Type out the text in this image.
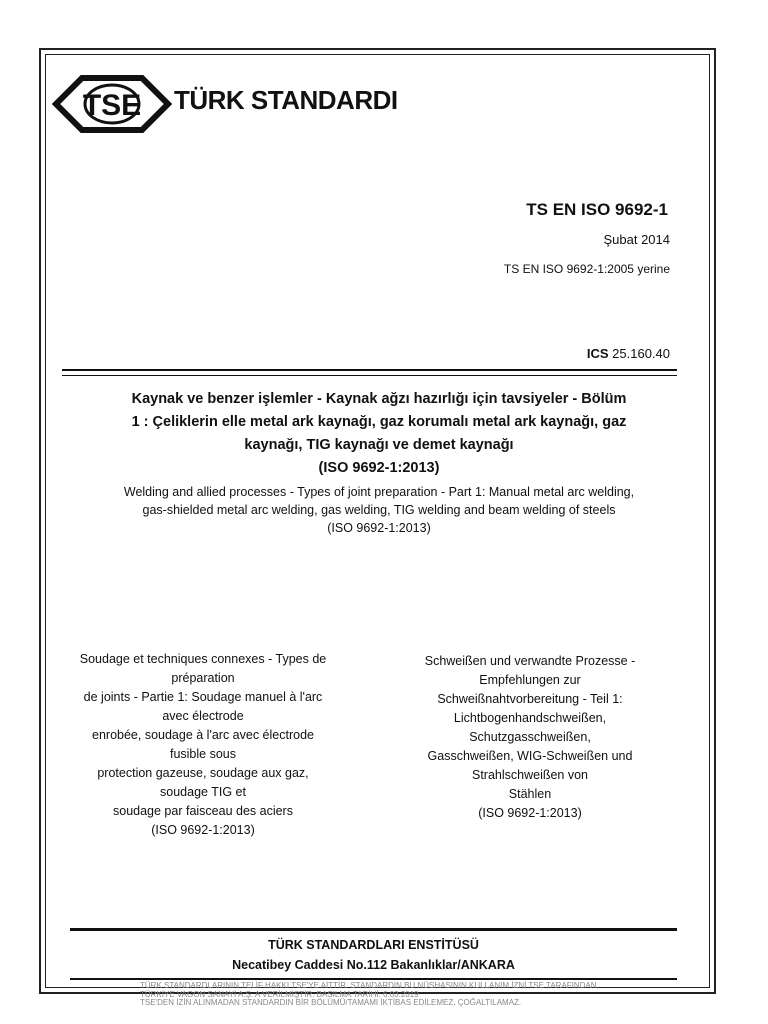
TSE TÜRK STANDARDI
TS EN ISO 9692-1
Şubat 2014
TS EN ISO 9692-1:2005 yerine
ICS 25.160.40
Kaynak ve benzer işlemler - Kaynak ağzı hazırlığı için tavsiyeler - Bölüm
1 : Çeliklerin elle metal ark kaynağı, gaz korumalı metal ark kaynağı, gaz
kaynağı, TIG kaynağı ve demet kaynağı
(ISO 9692-1:2013)
Welding and allied processes - Types of joint preparation - Part 1: Manual metal arc welding,
gas-shielded metal arc welding, gas welding, TIG welding and beam welding of steels
(ISO 9692-1:2013)
Soudage et techniques connexes - Types de
préparation
de joints - Partie 1: Soudage manuel à l'arc
avec électrode
enrobée, soudage à l'arc avec électrode
fusible sous
protection gazeuse, soudage aux gaz,
soudage TIG et
soudage par faisceau des aciers
(ISO 9692-1:2013)
Schweißen und verwandte Prozesse -
Empfehlungen zur
Schweißnahtvorbereitung - Teil 1:
Lichtbogenhandschweißen,
Schutzgasschweißen,
Gasschweißen, WIG-Schweißen und
Strahlschweißen von
Stählen
(ISO 9692-1:2013)
TÜRK STANDARDLARI ENSTİTÜSÜ
Necatibey Caddesi No.112 Bakanlıklar/ANKARA
TÜRK STANDARDLARININ TELİF HAKKI TSE'YE AİTTİR. STANDARDIN BU NÜSHASININ KULLANIM İZNİ TSE TARAFINDAN
TÜRKİYE VAGON SANAYİ A.Ş. A VERİLMİŞTİR. BASILMA TARİHİ: 6.03.2019
TSE'DEN İZİN ALINMADAN STANDARDIN BİR BÖLÜMÜ/TAMAMI İKTİBAS EDİLEMEZ, ÇOĞALTILAMAZ.
